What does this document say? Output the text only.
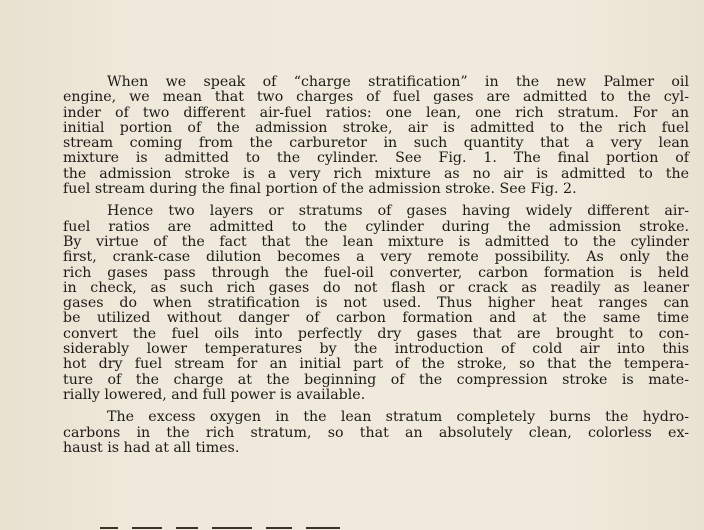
When we speak of “charge stratification” in the new Palmer oil
engine, we mean that two charges of fuel gases are admitted to the cyl-
inder of two different air-fuel ratios: one lean, one rich stratum. For an
initial portion of the admission stroke, air is admitted to the rich fuel
stream coming from the carburetor in such quantity that a very lean
mixture is admitted to the cylinder. See Fig. 1. The final portion of
the admission stroke is a very rich mixture as no air is admitted to the
fuel stream during the final portion of the admission stroke. See Fig. 2.
Hence two layers or stratums of gases having widely different air-
fuel ratios are admitted to the cylinder during the admission stroke.
By virtue of the fact that the lean mixture is admitted to the cylinder
first, crank-case dilution becomes a very remote possibility. As only the
rich gases pass through the fuel-oil converter, carbon formation is held
in check, as such rich gases do not flash or crack as readily as leaner
gases do when stratification is not used. Thus higher heat ranges can
be utilized without danger of carbon formation and at the same time
convert the fuel oils into perfectly dry gases that are brought to con-
siderably lower temperatures by the introduction of cold air into this
hot dry fuel stream for an initial part of the stroke, so that the tempera-
ture of the charge at the beginning of the compression stroke is mate-
rially lowered, and full power is available.
The excess oxygen in the lean stratum completely burns the hydro-
carbons in the rich stratum, so that an absolutely clean, colorless ex-
haust is had at all times.
